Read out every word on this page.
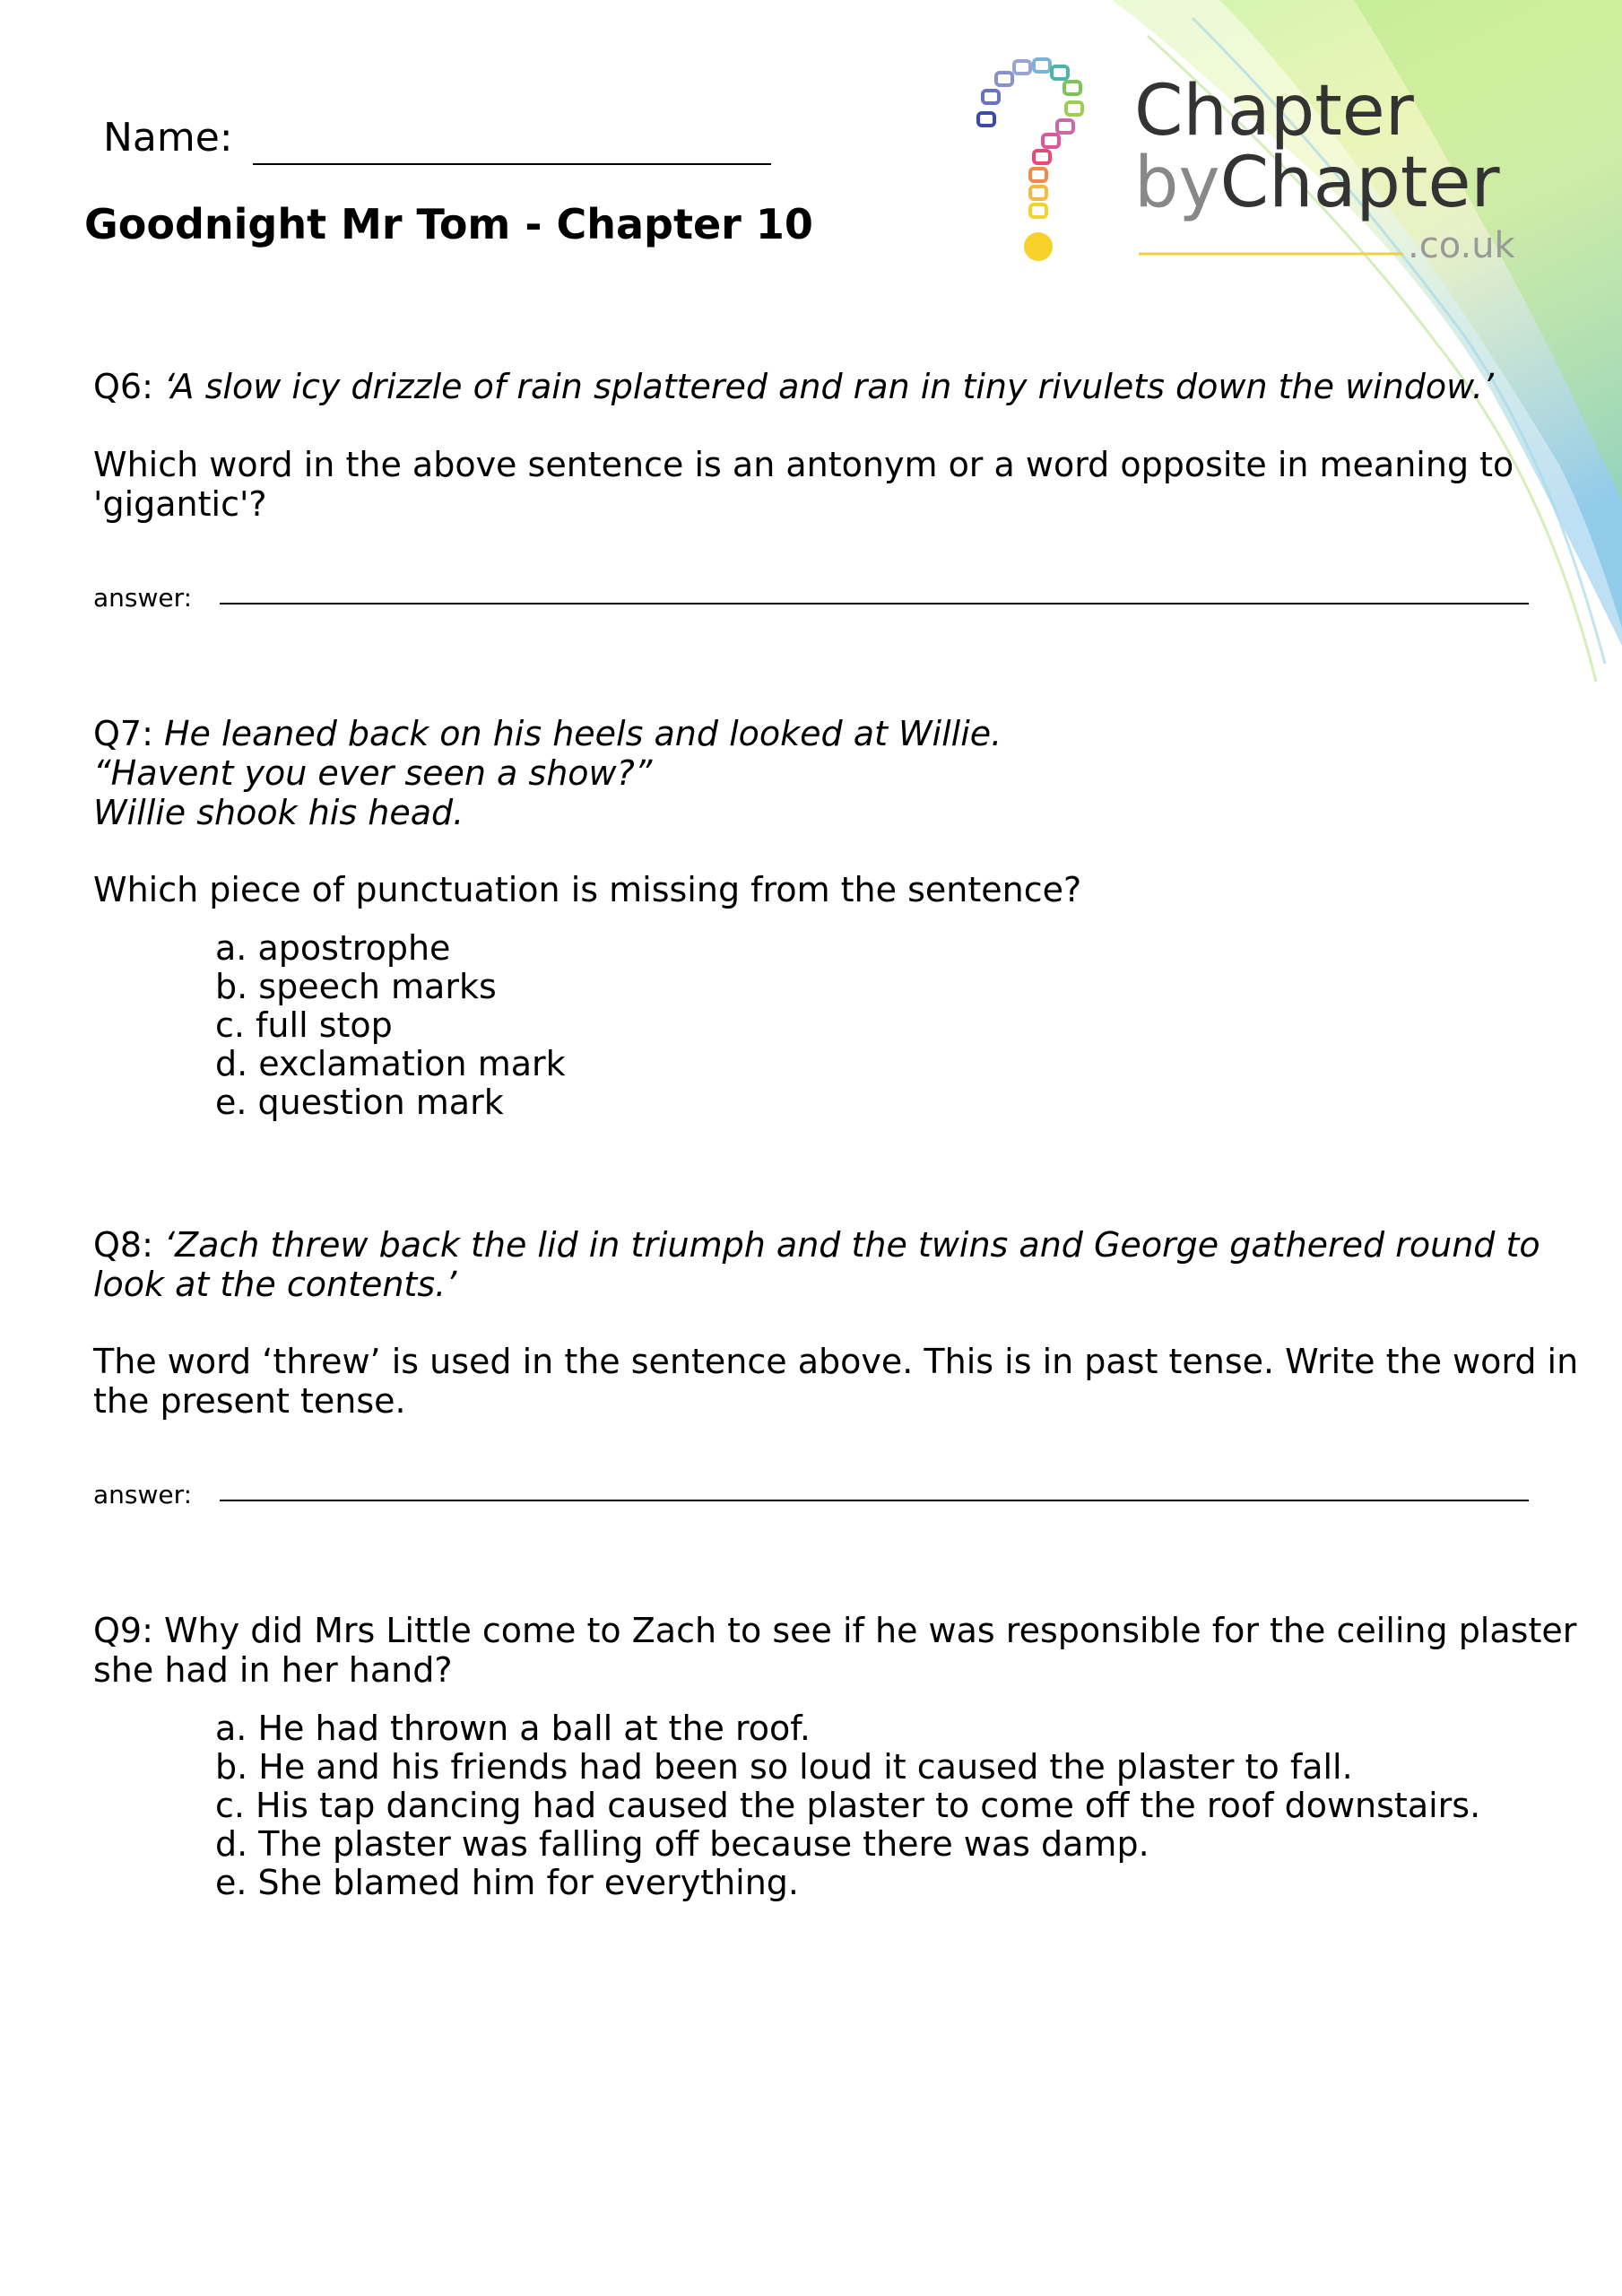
Chapter
byChapter
.co.uk
Name:
Goodnight Mr Tom - Chapter 10
Q6: ‘A slow icy drizzle of rain splattered and ran in tiny rivulets down the window.’
Which word in the above sentence is an antonym or a word opposite in meaning to
'gigantic'?
answer:
Q7: He leaned back on his heels and looked at Willie.
“Havent you ever seen a show?”
Willie shook his head.
Which piece of punctuation is missing from the sentence?
a. apostrophe
b. speech marks
c. full stop
d. exclamation mark
e. question mark
Q8: ‘Zach threw back the lid in triumph and the twins and George gathered round to
look at the contents.’
The word ‘threw’ is used in the sentence above. This is in past tense. Write the word in
the present tense.
answer:
Q9: Why did Mrs Little come to Zach to see if he was responsible for the ceiling plaster
she had in her hand?
a. He had thrown a ball at the roof.
b. He and his friends had been so loud it caused the plaster to fall.
c. His tap dancing had caused the plaster to come off the roof downstairs.
d. The plaster was falling off because there was damp.
e. She blamed him for everything.
